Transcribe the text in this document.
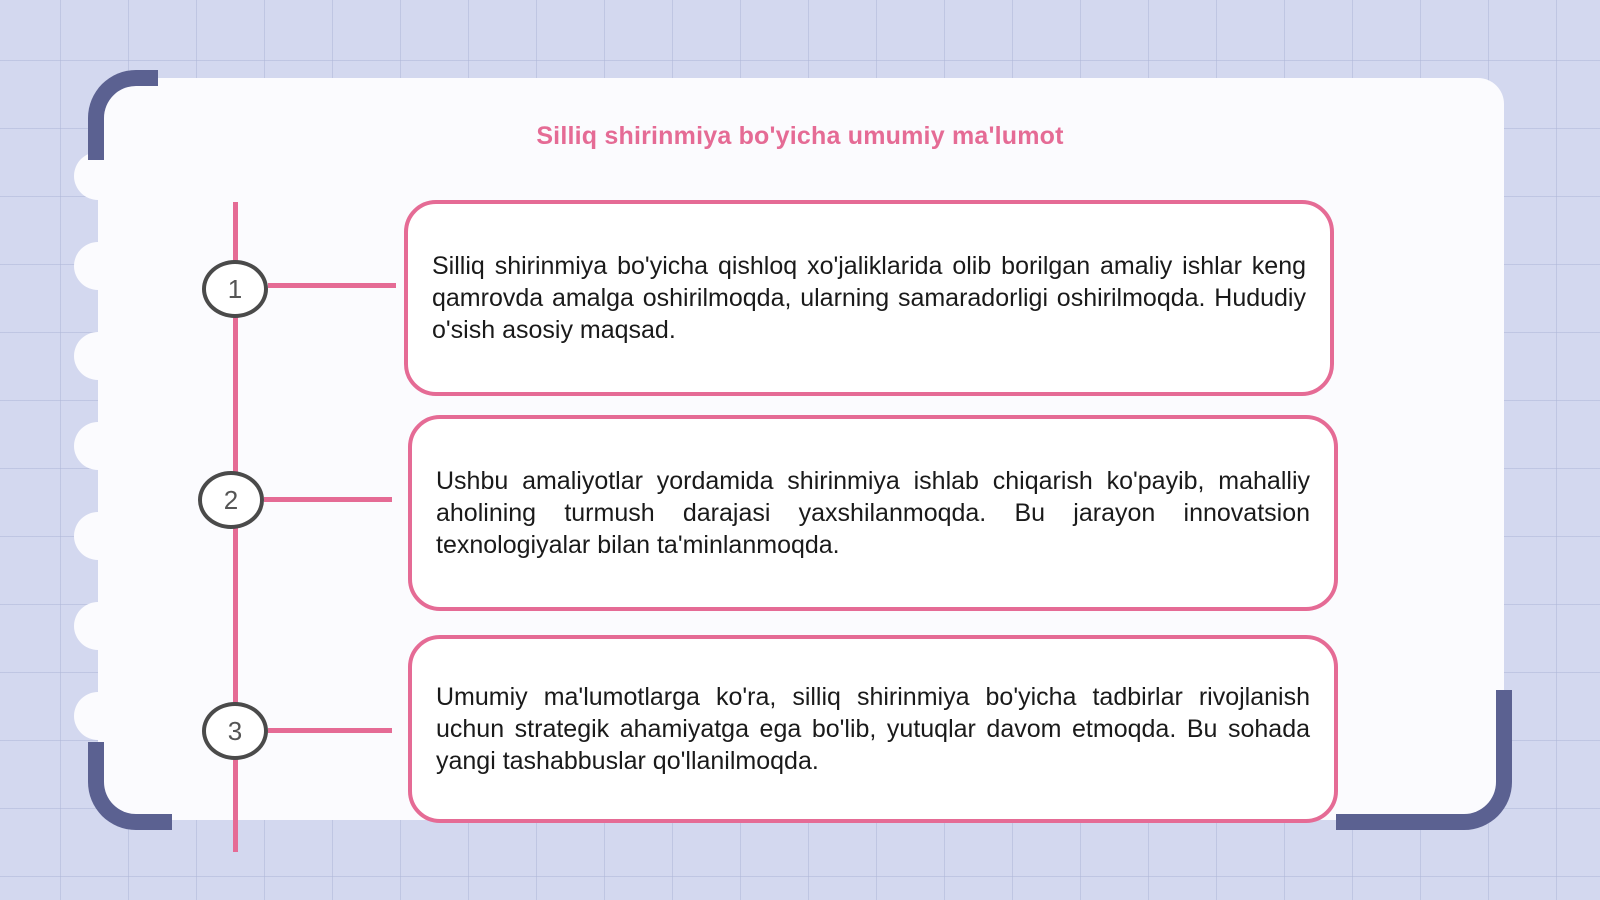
Silliq shirinmiya bo'yicha umumiy ma'lumot
1
2
3

Silliq shirinmiya bo'yicha qishloq xo'jaliklarida olib borilgan amaliy ishlar keng qamrovda amalga oshirilmoqda, ularning samaradorligi oshirilmoqda. Hududiy o'sish asosiy maqsad.

Ushbu amaliyotlar yordamida shirinmiya ishlab chiqarish ko'payib, mahalliy aholining turmush darajasi yaxshilanmoqda. Bu jarayon innovatsion texnologiyalar bilan ta'minlanmoqda.

Umumiy ma'lumotlarga ko'ra, silliq shirinmiya bo'yicha tadbirlar rivojlanish uchun strategik ahamiyatga ega bo'lib, yutuqlar davom etmoqda. Bu sohada yangi tashabbuslar qo'llanilmoqda.
